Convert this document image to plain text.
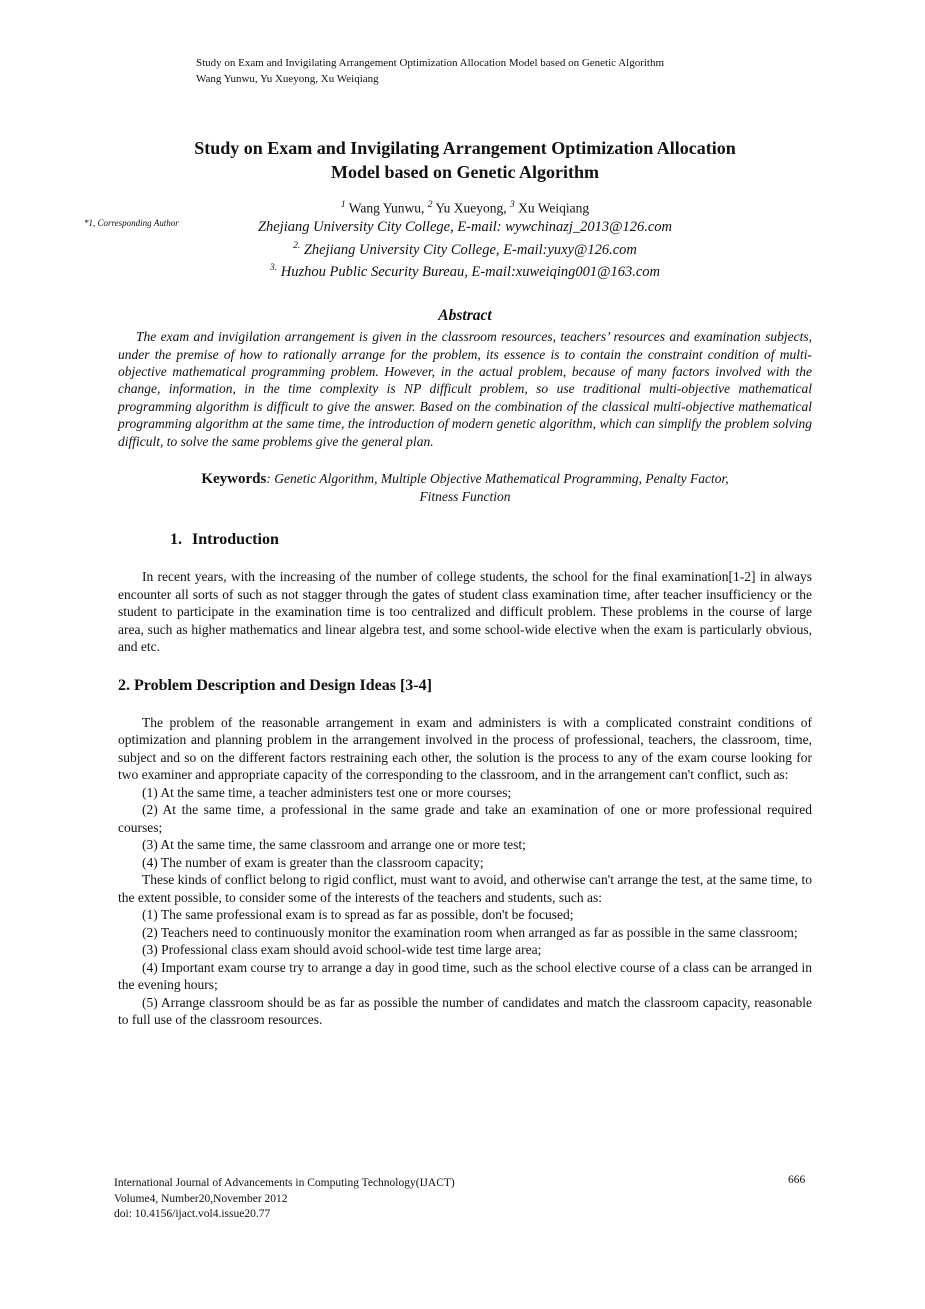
Study on Exam and Invigilating Arrangement Optimization Allocation Model based on Genetic Algorithm
Wang Yunwu, Yu Xueyong, Xu Weiqiang
Study on Exam and Invigilating Arrangement Optimization Allocation
Model based on Genetic Algorithm
*1, Corresponding Author
$^1$ Wang Yunwu, $^2$ Yu Xueyong, $^3$ Xu Weiqiang
Zhejiang University City College, E-mail: wywchinazj_2013@126.com
$^{2.}$ Zhejiang University City College, E-mail:yuxy@126.com
$^{3.}$ Huzhou Public Security Bureau, E-mail:xuweiqing001@163.com
Abstract
The exam and invigilation arrangement is given in the classroom resources, teachers’ resources and examination subjects, under the premise of how to rationally arrange for the problem, its essence is to contain the constraint condition of multi-objective mathematical programming problem. However, in the actual problem, because of many factors involved with the change, information, in the time complexity is NP difficult problem, so use traditional multi-objective mathematical programming algorithm is difficult to give the answer. Based on the combination of the classical multi-objective mathematical programming algorithm at the same time, the introduction of modern genetic algorithm, which can simplify the problem solving difficult, to solve the same problems give the general plan.
Keywords: Genetic Algorithm, Multiple Objective Mathematical Programming, Penalty Factor,
Fitness Function
1. Introduction
In recent years, with the increasing of the number of college students, the school for the final examination[1-2] in always encounter all sorts of such as not stagger through the gates of student class examination time, after teacher insufficiency or the student to participate in the examination time is too centralized and difficult problem. These problems in the course of large area, such as higher mathematics and linear algebra test, and some school-wide elective when the exam is particularly obvious, and etc.
2. Problem Description and Design Ideas [3-4]
The problem of the reasonable arrangement in exam and administers is with a complicated constraint conditions of optimization and planning problem in the arrangement involved in the process of professional, teachers, the classroom, time, subject and so on the different factors restraining each other, the solution is the process to any of the exam course looking for two examiner and appropriate capacity of the corresponding to the classroom, and in the arrangement can't conflict, such as:
(1) At the same time, a teacher administers test one or more courses;
(2) At the same time, a professional in the same grade and take an examination of one or more professional required courses;
(3) At the same time, the same classroom and arrange one or more test;
(4) The number of exam is greater than the classroom capacity;
These kinds of conflict belong to rigid conflict, must want to avoid, and otherwise can't arrange the test, at the same time, to the extent possible, to consider some of the interests of the teachers and students, such as:
(1) The same professional exam is to spread as far as possible, don't be focused;
(2) Teachers need to continuously monitor the examination room when arranged as far as possible in the same classroom;
(3) Professional class exam should avoid school-wide test time large area;
(4) Important exam course try to arrange a day in good time, such as the school elective course of a class can be arranged in the evening hours;
(5) Arrange classroom should be as far as possible the number of candidates and match the classroom capacity, reasonable to full use of the classroom resources.
International Journal of Advancements in Computing Technology(IJACT)
Volume4, Number20,November 2012
doi: 10.4156/ijact.vol4.issue20.77
666
